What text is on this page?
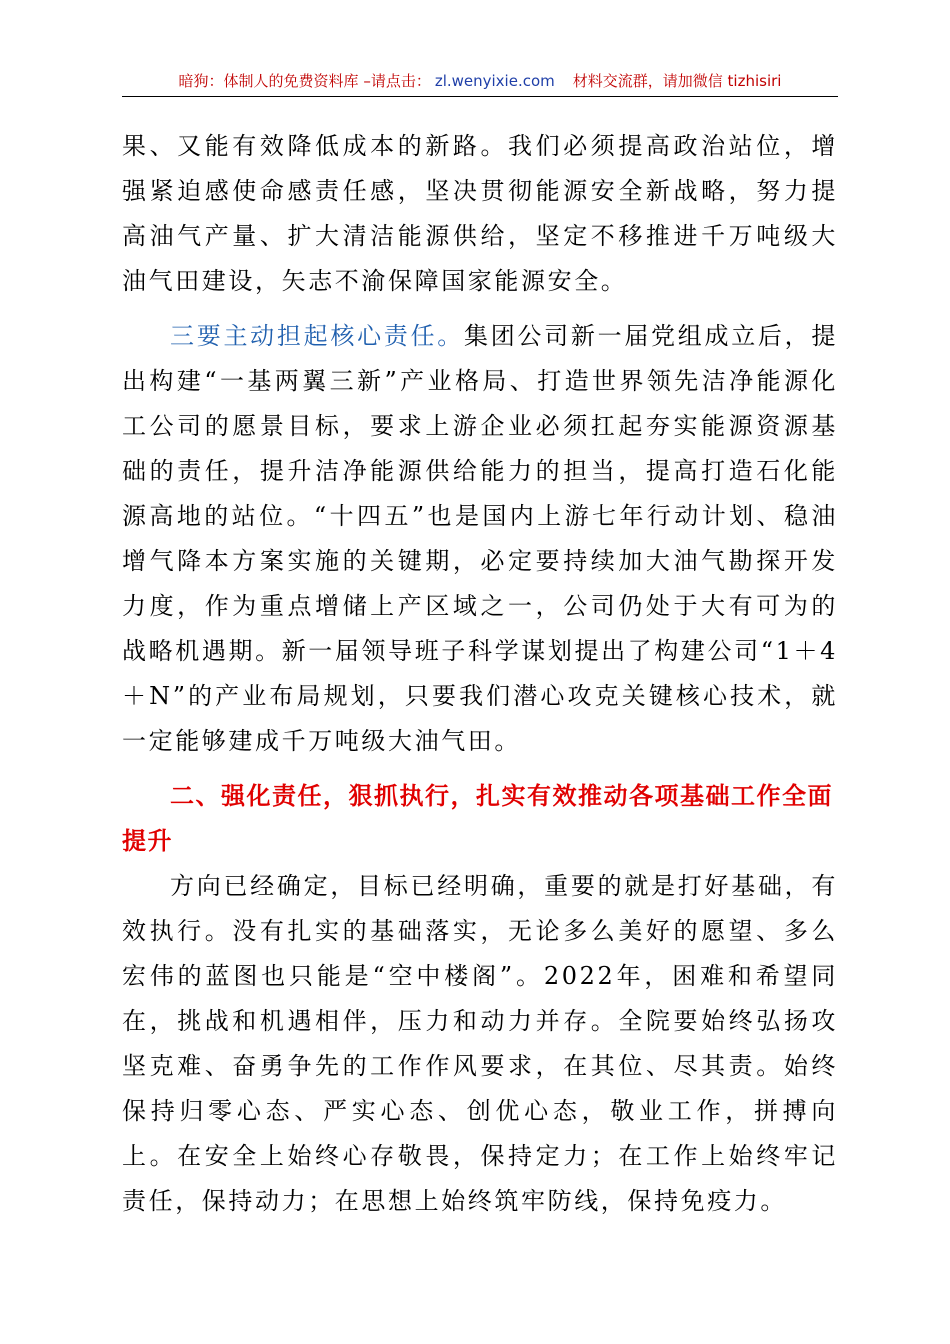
暗狗：体制人的免费资料库 –请点击： zl.wenyixie.com 材料交流群，请加微信 tizhisiri

果、又能有效降低成本的新路。我们必须提高政治站位，增强紧迫感使命感责任感，坚决贯彻能源安全新战略，努力提高油气产量、扩大清洁能源供给，坚定不移推进千万吨级大油气田建设，矢志不渝保障国家能源安全。

三要主动担起核心责任。集团公司新一届党组成立后，提出构建“一基两翼三新”产业格局、打造世界领先洁净能源化工公司的愿景目标，要求上游企业必须扛起夯实能源资源基础的责任，提升洁净能源供给能力的担当，提高打造石化能源高地的站位。“十四五”也是国内上游七年行动计划、稳油增气降本方案实施的关键期，必定要持续加大油气勘探开发力度，作为重点增储上产区域之一，公司仍处于大有可为的战略机遇期。新一届领导班子科学谋划提出了构建公司“1＋4＋N”的产业布局规划，只要我们潜心攻克关键核心技术，就一定能够建成千万吨级大油气田。

二、强化责任，狠抓执行，扎实有效推动各项基础工作全面提升

方向已经确定，目标已经明确，重要的就是打好基础，有效执行。没有扎实的基础落实，无论多么美好的愿望、多么宏伟的蓝图也只能是“空中楼阁”。2022年，困难和希望同在，挑战和机遇相伴，压力和动力并存。全院要始终弘扬攻坚克难、奋勇争先的工作作风要求，在其位、尽其责。始终保持归零心态、严实心态、创优心态，敬业工作，拼搏向上。在安全上始终心存敬畏，保持定力；在工作上始终牢记责任，保持动力；在思想上始终筑牢防线，保持免疫力。
